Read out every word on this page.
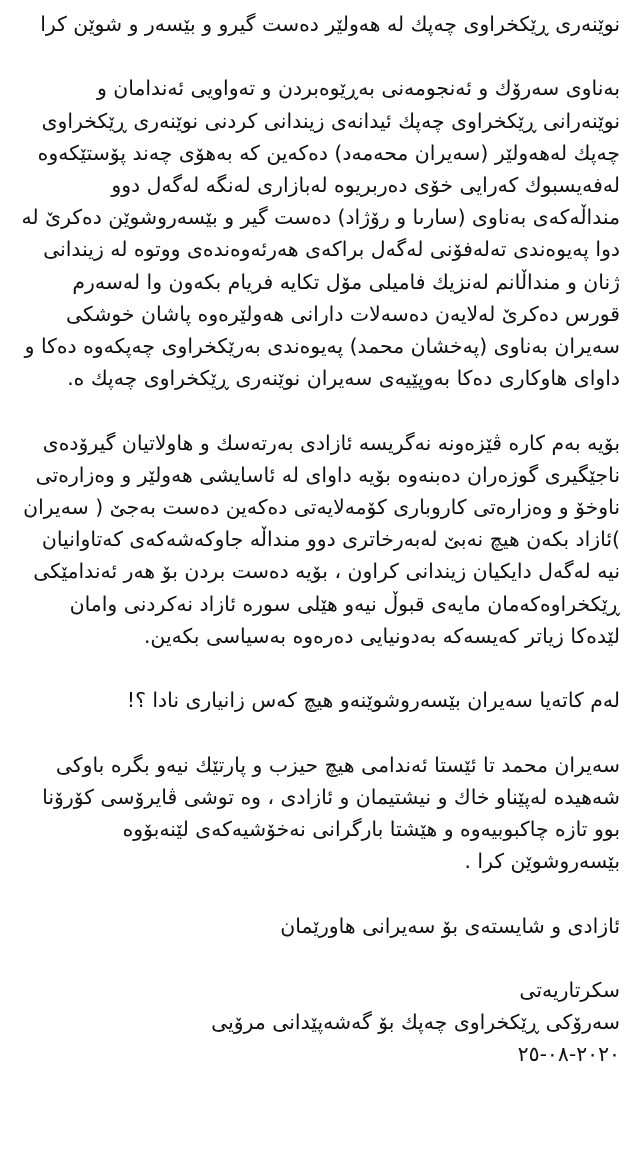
نوێنەری ڕێکخراوی چەپك لە هەولێر دەست گیرو و بێسەر و شوێن کرا

بەناوی سەرۆك و ئەنجومەنی بەڕێوەبردن و تەواویی ئەندامان و نوێنەرانی ڕێکخراوی چەپك ئیدانەی زیندانی کردنی نوێنەری ڕێکخراوی چەپك لەهەولێر (سەیران محەمەد) دەکەین کە بەهۆی چەند پۆستێکەوە لەفەیسبوك کەرایی خۆی دەربریوە لەبازاری لەنگە لەگەل دوو منداڵەکەی بەناوی (سارىا و رۆژاد) دەست گیر و بێسەروشوێن دەکرێ لە دوا پەیوەندی تەلەفۆنی لەگەل براکەی هەرئەوەندەی ووتوە لە زیندانی ژنان و منداڵانم لەنزیك فامیلی مۆل تکایە فریام بکەون وا لەسەرم قورس دەکرێ لەلایەن دەسەلات دارانی هەولێرەوە پاشان خوشکی سەیران بەناوی (پەخشان محمد) پەیوەندی بەرێکخراوی چەپکەوە دەکا و داوای هاوکاری دەکا بەوپێیەی سەیران نوێنەری ڕێکخراوی چەپك ە.

بۆیە بەم کارە ڤێزەونە نەگریسە ئازادی بەرتەسك و هاولاتیان گیرۆدەی ناجێگیری گوزەران دەبنەوە بۆیە داوای لە ئاسایشی هەولێر و وەزارەتی ناوخۆ و وەزارەتی کاروباری کۆمەلایەتی دەکەین دەست بەجێ ( سەیران )ئازاد بکەن هیچ نەبێ لەبەرخاتری دوو منداڵە جاوکەشەکەی کەتاوانیان نیە لەگەل دایکیان زیندانی کراون ، بۆیە دەست بردن بۆ هەر ئەندامێکی ڕێکخراوەکەمان مایەی قبوڵ نیەو هێلی سورە ئازاد نەکردنی وامان لێدەکا زیاتر کەیسەکە بەدونیایی دەرەوە بەسیاسی بکەین.

لەم کاتەیا سەیران بێسەروشوێنەو هیچ کەس زانیاری نادا ؟!

سەیران محمد تا ئێستا ئەندامی هیچ حیزب و پارتێك نیەو بگرە باوکی شەهیدە لەپێناو خاك و نیشتیمان و ئازادی ، وە توشی ڤایرۆسی کۆرۆنا بوو تازە چاکبوبیەوە و هێشتا بارگرانی نەخۆشیەکەی لێنەبۆوە بێسەروشوێن کرا .

ئازادی و شایستەی بۆ سەیرانی هاورێمان

سکرتاریەتی
سەرۆکی ڕێکخراوی چەپك بۆ گەشەپێدانی مرۆیی
٢٠٢٠-٠٨-٢٥
